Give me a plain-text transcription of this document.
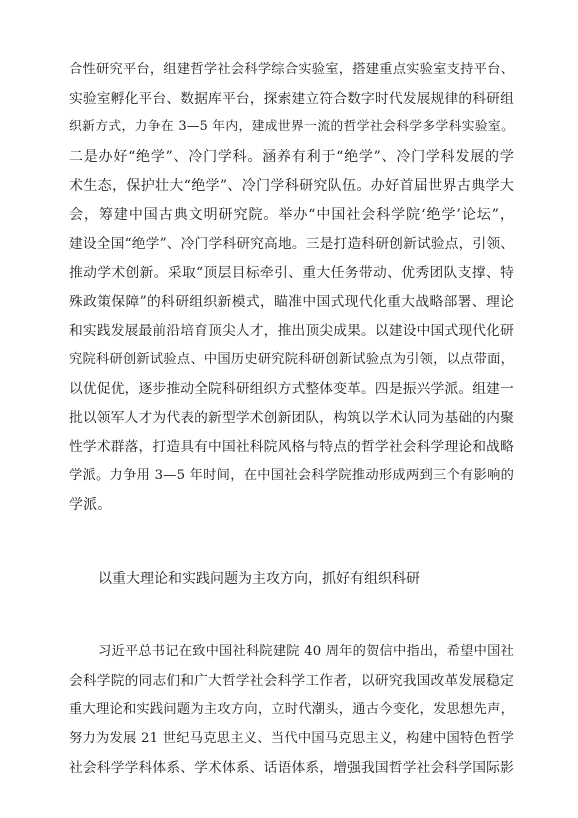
合性研究平台，组建哲学社会科学综合实验室，搭建重点实验室支持平台、
实验室孵化平台、数据库平台，探索建立符合数字时代发展规律的科研组
织新方式，力争在 3—5 年内，建成世界一流的哲学社会科学多学科实验室。
二是办好“绝学”、冷门学科。涵养有利于“绝学”、冷门学科发展的学
术生态，保护壮大“绝学”、冷门学科研究队伍。办好首届世界古典学大
会，筹建中国古典文明研究院。举办“中国社会科学院‘绝学’论坛”，
建设全国“绝学”、冷门学科研究高地。三是打造科研创新试验点，引领、
推动学术创新。采取“顶层目标牵引、重大任务带动、优秀团队支撑、特
殊政策保障”的科研组织新模式，瞄准中国式现代化重大战略部署、理论
和实践发展最前沿培育顶尖人才，推出顶尖成果。以建设中国式现代化研
究院科研创新试验点、中国历史研究院科研创新试验点为引领，以点带面，
以优促优，逐步推动全院科研组织方式整体变革。四是振兴学派。组建一
批以领军人才为代表的新型学术创新团队，构筑以学术认同为基础的内聚
性学术群落，打造具有中国社科院风格与特点的哲学社会科学理论和战略
学派。力争用 3—5 年时间，在中国社会科学院推动形成两到三个有影响的
学派。
以重大理论和实践问题为主攻方向，抓好有组织科研
习近平总书记在致中国社科院建院 40 周年的贺信中指出，希望中国社
会科学院的同志们和广大哲学社会科学工作者，以研究我国改革发展稳定
重大理论和实践问题为主攻方向，立时代潮头，通古今变化，发思想先声，
努力为发展 21 世纪马克思主义、当代中国马克思主义，构建中国特色哲学
社会科学学科体系、学术体系、话语体系，增强我国哲学社会科学国际影
